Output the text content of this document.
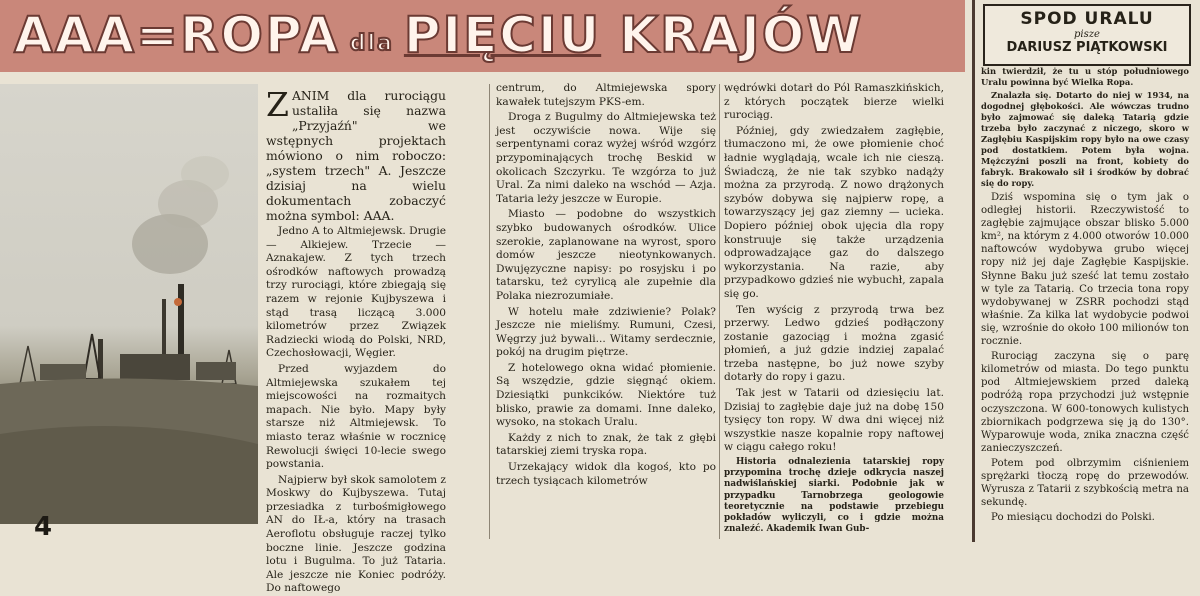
AAA=ROPA dla PIĘCIU KRAJÓW
4

ZANIM dla rurociągu ustaliła się nazwa „Przyjaźń" we wstępnych projektach mówiono o nim roboczo: „system trzech" A. Jeszcze dzisiaj na wielu dokumentach zobaczyć można symbol: AAA.

Jedno A to Altmiejewsk. Drugie — Alkiejew. Trzecie — Aznakajew. Z tych trzech ośrodków naftowych prowadzą trzy rurociągi, które zbiegają się razem w rejonie Kujbyszewa i stąd trasą liczącą 3.000 kilometrów przez Związek Radziecki wiodą do Polski, NRD, Czechosłowacji, Węgier.

Przed wyjazdem do Altmiejewska szukałem tej miejscowości na rozmaitych mapach. Nie było. Mapy były starsze niż Altmiejewsk. To miasto teraz właśnie w rocznicę Rewolucji święci 10-lecie swego powstania.

Najpierw był skok samolotem z Moskwy do Kujbyszewa. Tutaj przesiadka z turbośmigłowego AN do IŁ-a, który na trasach Aeroflotu obsługuje raczej tylko boczne linie. Jeszcze godzina lotu i Bugulma. To już Tataria. Ale jeszcze nie Koniec podróży. Do naftowego

centrum, do Altmiejewska spory kawałek tutejszym PKS-em.

Droga z Bugulmy do Altmiejewska też jest oczywiście nowa. Wije się serpentynami coraz wyżej wśród wzgórz przypominających trochę Beskid w okolicach Szczyrku. Te wzgórza to już Ural. Za nimi daleko na wschód — Azja. Tataria leży jeszcze w Europie.

Miasto — podobne do wszystkich szybko budowanych ośrodków. Ulice szerokie, zaplanowane na wyrost, sporo domów jeszcze nieotynkowanych. Dwujęzyczne napisy: po rosyjsku i po tatarsku, też cyrylicą ale zupełnie dla Polaka niezrozumiałe.

W hotelu małe zdziwienie? Polak? Jeszcze nie mieliśmy. Rumuni, Czesi, Węgrzy już bywali... Witamy serdecznie, pokój na drugim piętrze.

Z hotelowego okna widać płomienie. Są wszędzie, gdzie sięgnąć okiem. Dziesiątki punkcików. Niektóre tuż blisko, prawie za domami. Inne daleko, wysoko, na stokach Uralu.

Każdy z nich to znak, że tak z głębi tatarskiej ziemi tryska ropa.

Urzekający widok dla kogoś, kto po trzech tysiącach kilometrów

wędrówki dotarł do Pól Ramaszkińskich, z których początek bierze wielki rurociąg.

Później, gdy zwiedzałem zagłębie, tłumaczono mi, że owe płomienie choć ładnie wyglądają, wcale ich nie cieszą. Świadczą, że nie tak szybko nadąży można za przyrodą. Z nowo drążonych szybów dobywa się najpierw ropę, a towarzyszący jej gaz ziemny — ucieka. Dopiero później obok ujęcia dla ropy konstruuje się także urządzenia odprowadzające gaz do dalszego wykorzystania. Na razie, aby przypadkowo gdzieś nie wybuchł, zapala się go.

Ten wyścig z przyrodą trwa bez przerwy. Ledwo gdzieś podłączony zostanie gazociąg i można zgasić płomień, a już gdzie indziej zapalać trzeba następne, bo już nowe szyby dotarły do ropy i gazu.

Tak jest w Tatarii od dziesięciu lat. Dzisiaj to zagłębie daje już na dobę 150 tysięcy ton ropy. W dwa dni więcej niż wszystkie nasze kopalnie ropy naftowej w ciągu całego roku!

Historia odnalezienia tatarskiej ropy przypomina trochę dzieje odkrycia naszej nadwiślańskiej siarki. Podobnie jak w przypadku Tarnobrzega geologowie teoretycznie na podstawie przebiegu pokładów wyliczyli, co i gdzie można znaleźć. Akademik Iwan Gub-

SPOD URALU
pisze
DARIUSZ PIĄTKOWSKI

kin twierdził, że tu u stóp południowego Uralu powinna być Wielka Ropa.

Znalazła się. Dotarto do niej w 1934, na dogodnej głębokości. Ale wówczas trudno było zajmować się daleką Tatarią gdzie trzeba było zaczynać z niczego, skoro w Zagłębiu Kaspijskim ropy było na owe czasy pod dostatkiem. Potem była wojna. Mężczyźni poszli na front, kobiety do fabryk. Brakowało sił i środków by dobrać się do ropy.

Dziś wspomina się o tym jak o odległej historii. Rzeczywistość to zagłębie zajmujące obszar blisko 5.000 km², na którym z 4.000 otworów 10.000 naftowców wydobywa grubo więcej ropy niż jej daje Zagłębie Kaspijskie. Słynne Baku już sześć lat temu zostało w tyle za Tatarią. Co trzecia tona ropy wydobywanej w ZSRR pochodzi stąd właśnie. Za kilka lat wydobycie podwoi się, wzrośnie do około 100 milionów ton rocznie.

Rurociąg zaczyna się o parę kilometrów od miasta. Do tego punktu pod Altmiejewskiem przed daleką podróżą ropa przychodzi już wstępnie oczyszczona. W 600-tonowych kulistych zbiornikach podgrzewa się ją do 130°. Wyparowuje woda, znika znaczna część zanieczyszczeń.

Potem pod olbrzymim ciśnieniem sprężarki tłoczą ropę do przewodów. Wyrusza z Tatarii z szybkością metra na sekundę.

Po miesiącu dochodzi do Polski.
